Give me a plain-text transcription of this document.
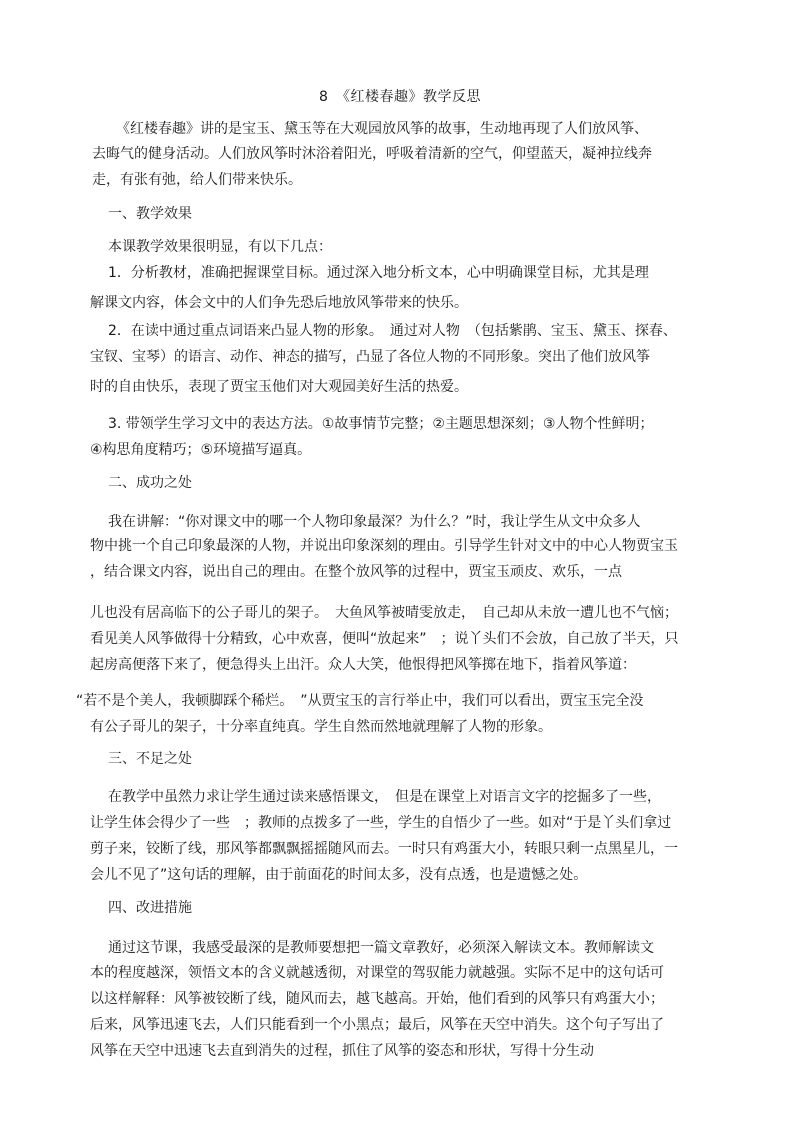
8　《红楼春趣》教学反思
《红楼春趣》讲的是宝玉、黛玉等在大观园放风筝的故事，生动地再现了人们放风筝、
去晦气的健身活动。人们放风筝时沐浴着阳光，呼吸着清新的空气，仰望蓝天，凝神拉线奔
走，有张有弛，给人们带来快乐。
一、教学效果
本课教学效果很明显，有以下几点：
1．分析教材，准确把握课堂目标。通过深入地分析文本，心中明确课堂目标，尤其是理
解课文内容，体会文中的人们争先恐后地放风筝带来的快乐。
2．在读中通过重点词语来凸显人物的形象。　通过对人物　（包括紫鹃、宝玉、黛玉、探春、
宝钗、宝琴）的语言、动作、神态的描写，凸显了各位人物的不同形象。突出了他们放风筝
时的自由快乐，表现了贾宝玉他们对大观园美好生活的热爱。
3. 带领学生学习文中的表达方法。①故事情节完整；②主题思想深刻；③人物个性鲜明；
④构思角度精巧；⑤环境描写逼真。
二、成功之处
我在讲解：“你对课文中的哪一个人物印象最深？为什么？”时，我让学生从文中众多人
物中挑一个自己印象最深的人物，并说出印象深刻的理由。引导学生针对文中的中心人物贾宝玉
，结合课文内容，说出自己的理由。在整个放风筝的过程中，贾宝玉顽皮、欢乐，一点
儿也没有居高临下的公子哥儿的架子。　大鱼风筝被晴雯放走，　自己却从未放一遭儿也不气恼；
看见美人风筝做得十分精致，心中欢喜，便叫“放起来”　；说丫头们不会放，自己放了半天，只
起房高便落下来了，便急得头上出汗。众人大笑，他恨得把风筝掷在地下，指着风筝道：
“若不是个美人，我顿脚踩个稀烂。　”从贾宝玉的言行举止中，我们可以看出，贾宝玉完全没
有公子哥儿的架子，十分率直纯真。学生自然而然地就理解了人物的形象。
三、不足之处
在教学中虽然力求让学生通过读来感悟课文，　但是在课堂上对语言文字的挖掘多了一些，
让学生体会得少了一些　；教师的点拨多了一些，学生的自悟少了一些。如对“于是丫头们拿过
剪子来，铰断了线，那风筝都飘飘摇摇随风而去。一时只有鸡蛋大小，转眼只剩一点黑星儿，一
会儿不见了”这句话的理解，由于前面花的时间太多，没有点透，也是遗憾之处。
四、改进措施
通过这节课，我感受最深的是教师要想把一篇文章教好，必须深入解读文本。教师解读文
本的程度越深，领悟文本的含义就越透彻，对课堂的驾驭能力就越强。实际不足中的这句话可
以这样解释：风筝被铰断了线，随风而去，越飞越高。开始，他们看到的风筝只有鸡蛋大小；
后来，风筝迅速飞去，人们只能看到一个小黑点；最后，风筝在天空中消失。这个句子写出了
风筝在天空中迅速飞去直到消失的过程，抓住了风筝的姿态和形状，写得十分生动
